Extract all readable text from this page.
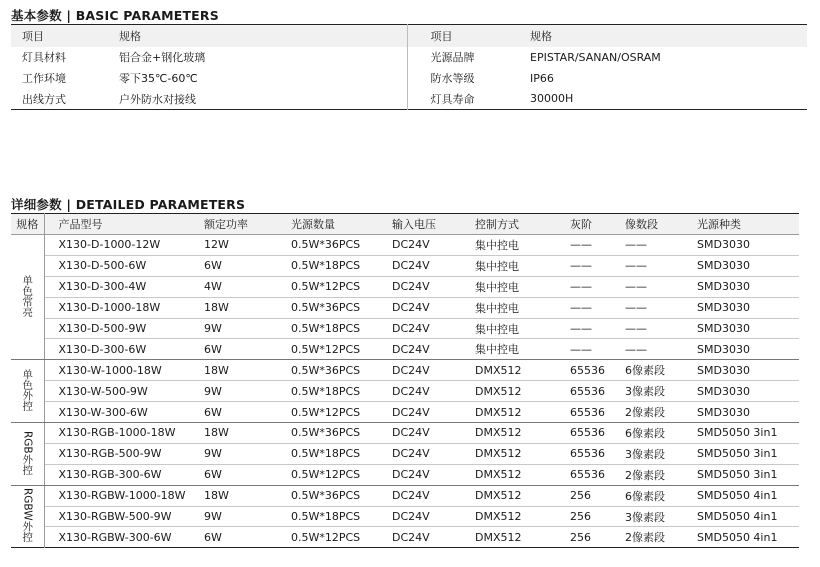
基本参数 | BASIC PARAMETERS
项目	规格	项目	规格
灯具材料	铝合金+钢化玻璃	光源品牌	EPISTAR/SANAN/OSRAM
工作环境	零下35℃-60℃	防水等级	IP66
出线方式	户外防水对接线	灯具寿命	30000H
详细参数 | DETAILED PARAMETERS
规格	产品型号	额定功率	光源数量	输入电压	控制方式	灰阶	像数段	光源种类
单色常亮	X130-D-1000-12W	12W	0.5W*36PCS	DC24V	集中控电	——	——	SMD3030
	X130-D-500-6W	6W	0.5W*18PCS	DC24V	集中控电	——	——	SMD3030
	X130-D-300-4W	4W	0.5W*12PCS	DC24V	集中控电	——	——	SMD3030
	X130-D-1000-18W	18W	0.5W*36PCS	DC24V	集中控电	——	——	SMD3030
	X130-D-500-9W	9W	0.5W*18PCS	DC24V	集中控电	——	——	SMD3030
	X130-D-300-6W	6W	0.5W*12PCS	DC24V	集中控电	——	——	SMD3030
单色外控	X130-W-1000-18W	18W	0.5W*36PCS	DC24V	DMX512	65536	6像素段	SMD3030
	X130-W-500-9W	9W	0.5W*18PCS	DC24V	DMX512	65536	3像素段	SMD3030
	X130-W-300-6W	6W	0.5W*12PCS	DC24V	DMX512	65536	2像素段	SMD3030
RGB外控	X130-RGB-1000-18W	18W	0.5W*36PCS	DC24V	DMX512	65536	6像素段	SMD5050 3in1
	X130-RGB-500-9W	9W	0.5W*18PCS	DC24V	DMX512	65536	3像素段	SMD5050 3in1
	X130-RGB-300-6W	6W	0.5W*12PCS	DC24V	DMX512	65536	2像素段	SMD5050 3in1
RGBW外控	X130-RGBW-1000-18W	18W	0.5W*36PCS	DC24V	DMX512	256	6像素段	SMD5050 4in1
	X130-RGBW-500-9W	9W	0.5W*18PCS	DC24V	DMX512	256	3像素段	SMD5050 4in1
	X130-RGBW-300-6W	6W	0.5W*12PCS	DC24V	DMX512	256	2像素段	SMD5050 4in1
